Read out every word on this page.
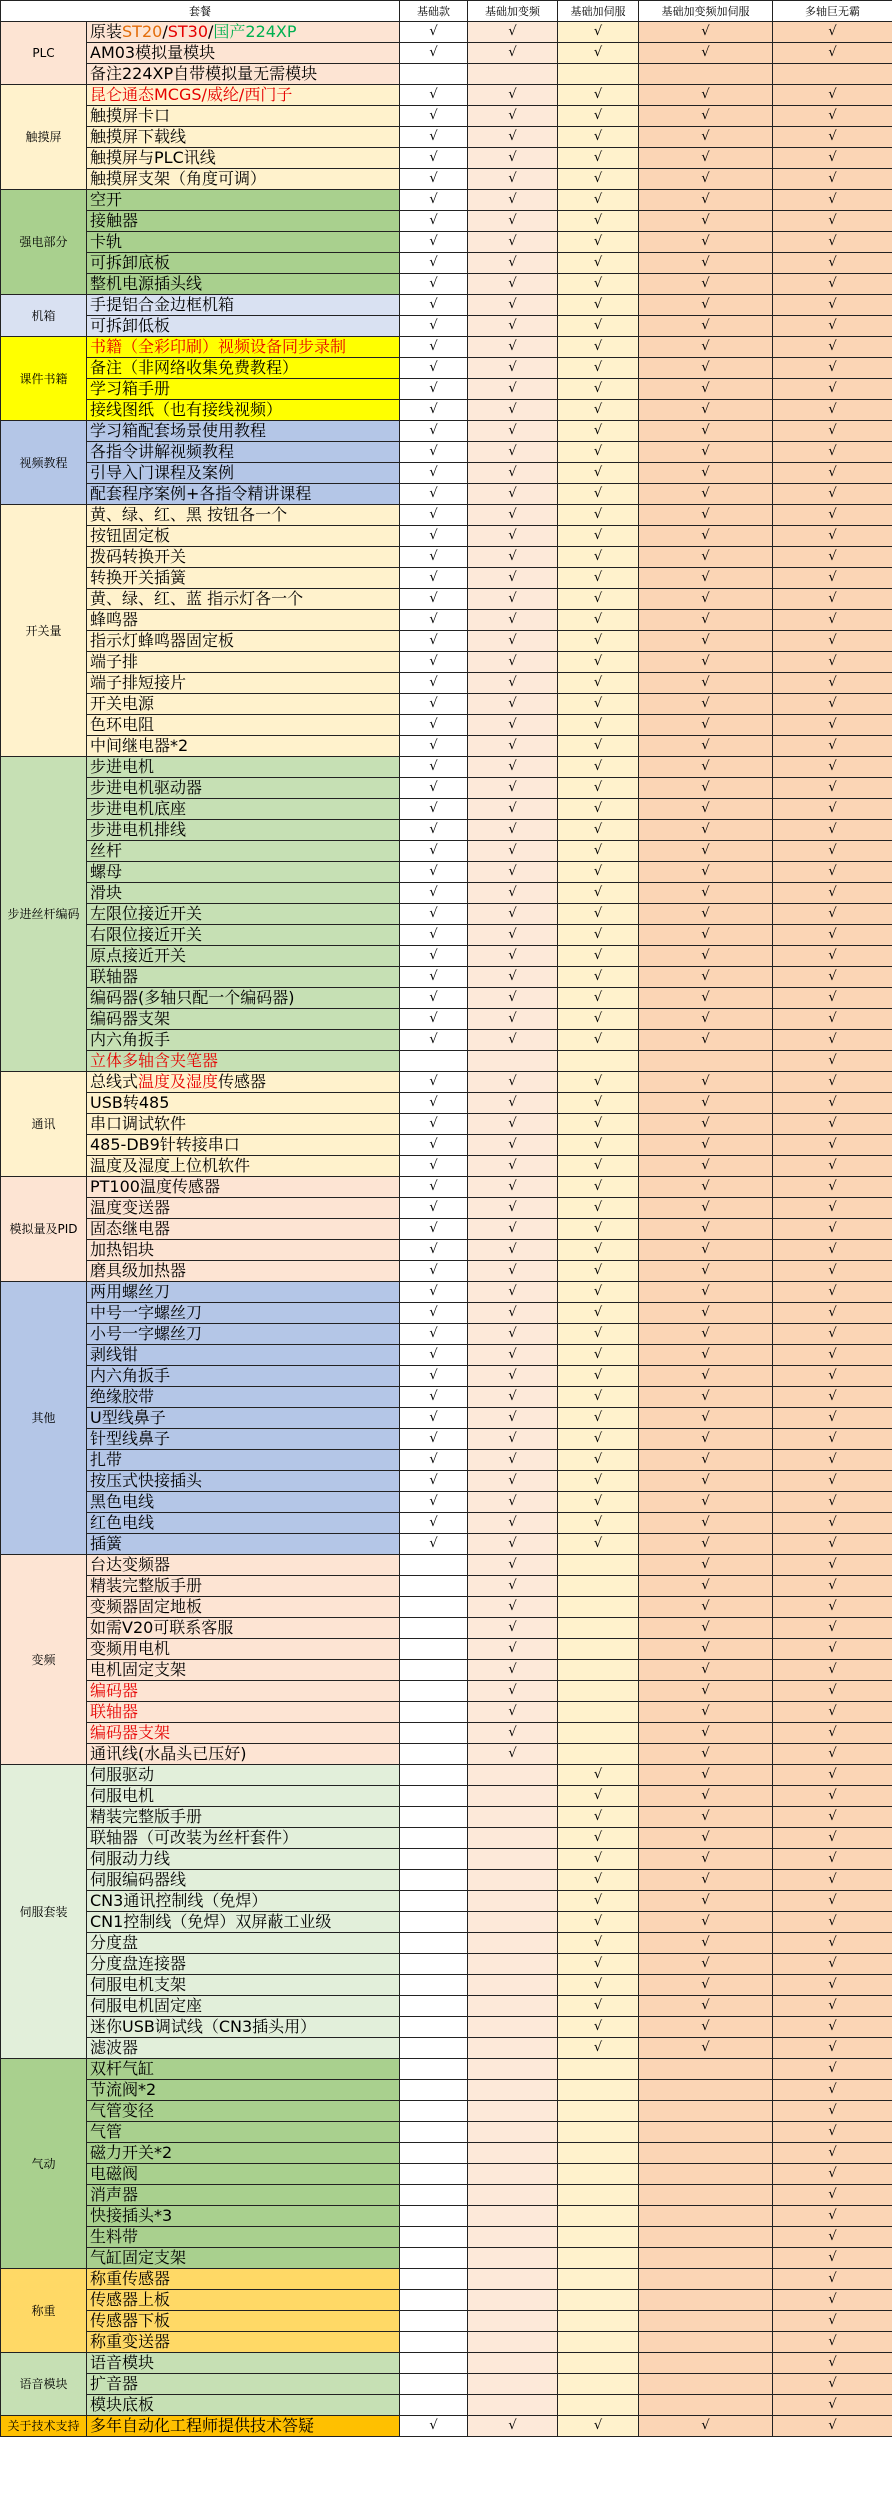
套餐		基础款	基础加变频	基础加伺服	基础加变频加伺服	多轴巨无霸
PLC	原装ST20/ST30/国产224XP	√	√	√	√	√
	AM03模拟量模块	√	√	√	√	√
	备注224XP自带模拟量无需模块					
触摸屏	昆仑通态MCGS/威纶/西门子	√	√	√	√	√
	触摸屏卡口	√	√	√	√	√
	触摸屏下载线	√	√	√	√	√
	触摸屏与PLC讯线	√	√	√	√	√
	触摸屏支架（角度可调）	√	√	√	√	√
强电部分	空开	√	√	√	√	√
	接触器	√	√	√	√	√
	卡轨	√	√	√	√	√
	可拆卸底板	√	√	√	√	√
	整机电源插头线	√	√	√	√	√
机箱	手提铝合金边框机箱	√	√	√	√	√
	可拆卸低板	√	√	√	√	√
课件书籍	书籍（全彩印刷）视频设备同步录制	√	√	√	√	√
	备注（非网络收集免费教程）	√	√	√	√	√
	学习箱手册	√	√	√	√	√
	接线图纸（也有接线视频）	√	√	√	√	√
视频教程	学习箱配套场景使用教程	√	√	√	√	√
	各指令讲解视频教程	√	√	√	√	√
	引导入门课程及案例	√	√	√	√	√
	配套程序案例+各指令精讲课程	√	√	√	√	√
开关量	黄、绿、红、黑 按钮各一个	√	√	√	√	√
	按钮固定板	√	√	√	√	√
	拨码转换开关	√	√	√	√	√
	转换开关插簧	√	√	√	√	√
	黄、绿、红、蓝 指示灯各一个	√	√	√	√	√
	蜂鸣器	√	√	√	√	√
	指示灯蜂鸣器固定板	√	√	√	√	√
	端子排	√	√	√	√	√
	端子排短接片	√	√	√	√	√
	开关电源	√	√	√	√	√
	色环电阻	√	√	√	√	√
	中间继电器*2	√	√	√	√	√
步进丝杆编码	步进电机	√	√	√	√	√
	步进电机驱动器	√	√	√	√	√
	步进电机底座	√	√	√	√	√
	步进电机排线	√	√	√	√	√
	丝杆	√	√	√	√	√
	螺母	√	√	√	√	√
	滑块	√	√	√	√	√
	左限位接近开关	√	√	√	√	√
	右限位接近开关	√	√	√	√	√
	原点接近开关	√	√	√	√	√
	联轴器	√	√	√	√	√
	编码器(多轴只配一个编码器)	√	√	√	√	√
	编码器支架	√	√	√	√	√
	内六角扳手	√	√	√	√	√
	立体多轴含夹笔器					√
通讯	总线式温度及湿度传感器	√	√	√	√	√
	USB转485	√	√	√	√	√
	串口调试软件	√	√	√	√	√
	485-DB9针转接串口	√	√	√	√	√
	温度及湿度上位机软件	√	√	√	√	√
模拟量及PID	PT100温度传感器	√	√	√	√	√
	温度变送器	√	√	√	√	√
	固态继电器	√	√	√	√	√
	加热铝块	√	√	√	√	√
	磨具级加热器	√	√	√	√	√
其他	两用螺丝刀	√	√	√	√	√
	中号一字螺丝刀	√	√	√	√	√
	小号一字螺丝刀	√	√	√	√	√
	剥线钳	√	√	√	√	√
	内六角扳手	√	√	√	√	√
	绝缘胶带	√	√	√	√	√
	U型线鼻子	√	√	√	√	√
	针型线鼻子	√	√	√	√	√
	扎带	√	√	√	√	√
	按压式快接插头	√	√	√	√	√
	黑色电线	√	√	√	√	√
	红色电线	√	√	√	√	√
	插簧	√	√	√	√	√
变频	台达变频器		√		√	√
	精装完整版手册		√		√	√
	变频器固定地板		√		√	√
	如需V20可联系客服		√		√	√
	变频用电机		√		√	√
	电机固定支架		√		√	√
	编码器		√		√	√
	联轴器		√		√	√
	编码器支架		√		√	√
	通讯线(水晶头已压好)		√		√	√
伺服套装	伺服驱动			√	√	√
	伺服电机			√	√	√
	精装完整版手册			√	√	√
	联轴器（可改装为丝杆套件）			√	√	√
	伺服动力线			√	√	√
	伺服编码器线			√	√	√
	CN3通讯控制线（免焊）			√	√	√
	CN1控制线（免焊）双屏蔽工业级			√	√	√
	分度盘			√	√	√
	分度盘连接器			√	√	√
	伺服电机支架			√	√	√
	伺服电机固定座			√	√	√
	迷你USB调试线（CN3插头用）			√	√	√
	滤波器			√	√	√
气动	双杆气缸					√
	节流阀*2					√
	气管变径					√
	气管					√
	磁力开关*2					√
	电磁阀					√
	消声器					√
	快接插头*3					√
	生料带					√
	气缸固定支架					√
称重	称重传感器					√
	传感器上板					√
	传感器下板					√
	称重变送器					√
语音模块	语音模块					√
	扩音器					√
	模块底板					√
关于技术支持	多年自动化工程师提供技术答疑	√	√	√	√	√
